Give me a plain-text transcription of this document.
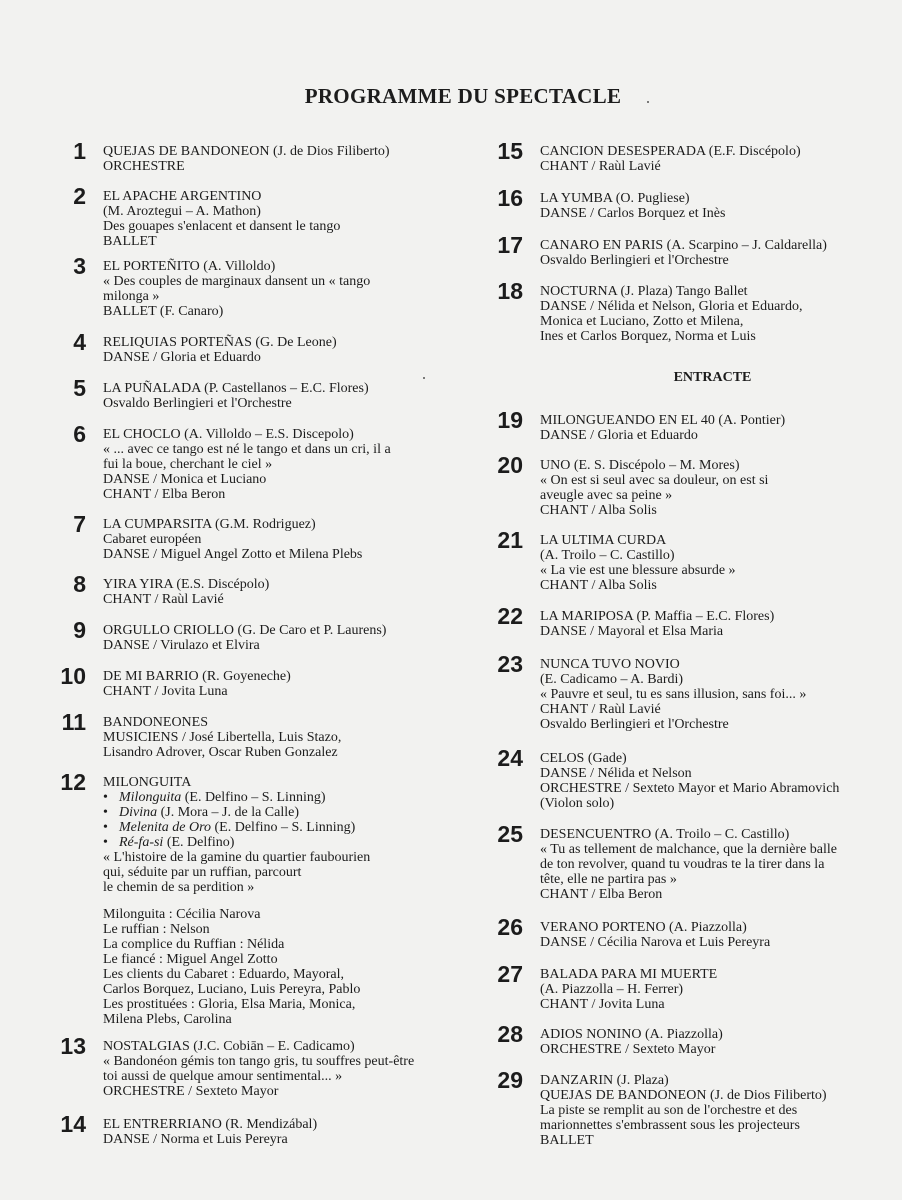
PROGRAMME DU SPECTACLE
1 QUEJAS DE BANDONEON (J. de Dios Filiberto)
ORCHESTRE
2 EL APACHE ARGENTINO
(M. Aroztegui – A. Mathon)
Des gouapes s'enlacent et dansent le tango
BALLET
3 EL PORTEÑITO (A. Villoldo)
« Des couples de marginaux dansent un « tango
milonga »
BALLET (F. Canaro)
4 RELIQUIAS PORTEÑAS (G. De Leone)
DANSE / Gloria et Eduardo
5 LA PUÑALADA (P. Castellanos – E.C. Flores)
Osvaldo Berlingieri et l'Orchestre
6 EL CHOCLO (A. Villoldo – E.S. Discepolo)
« ... avec ce tango est né le tango et dans un cri, il a
fui la boue, cherchant le ciel »
DANSE / Monica et Luciano
CHANT / Elba Beron
7 LA CUMPARSITA (G.M. Rodriguez)
Cabaret européen
DANSE / Miguel Angel Zotto et Milena Plebs
8 YIRA YIRA (E.S. Discépolo)
CHANT / Raùl Lavié
9 ORGULLO CRIOLLO (G. De Caro et P. Laurens)
DANSE / Virulazo et Elvira
10 DE MI BARRIO (R. Goyeneche)
CHANT / Jovita Luna
11 BANDONEONES
MUSICIENS / José Libertella, Luis Stazo,
Lisandro Adrover, Oscar Ruben Gonzalez
12 MILONGUITA
• Milonguita (E. Delfino – S. Linning)
• Divina (J. Mora – J. de la Calle)
• Melenita de Oro (E. Delfino – S. Linning)
• Ré-fa-si (E. Delfino)
« L'histoire de la gamine du quartier faubourien
qui, séduite par un ruffian, parcourt
le chemin de sa perdition »
Milonguita : Cécilia Narova
Le ruffian : Nelson
La complice du Ruffian : Nélida
Le fiancé : Miguel Angel Zotto
Les clients du Cabaret : Eduardo, Mayoral,
Carlos Borquez, Luciano, Luis Pereyra, Pablo
Les prostituées : Gloria, Elsa Maria, Monica,
Milena Plebs, Carolina
13 NOSTALGIAS (J.C. Cobiān – E. Cadicamo)
« Bandonéon gémis ton tango gris, tu souffres peut-être
toi aussi de quelque amour sentimental... »
ORCHESTRE / Sexteto Mayor
14 EL ENTRERRIANO (R. Mendizábal)
DANSE / Norma et Luis Pereyra
ENTRACTE
15 CANCION DESESPERADA (E.F. Discépolo)
CHANT / Raùl Lavié
16 LA YUMBA (O. Pugliese)
DANSE / Carlos Borquez et Inès
17 CANARO EN PARIS (A. Scarpino – J. Caldarella)
Osvaldo Berlingieri et l'Orchestre
18 NOCTURNA (J. Plaza) Tango Ballet
DANSE / Nélida et Nelson, Gloria et Eduardo,
Monica et Luciano, Zotto et Milena,
Ines et Carlos Borquez, Norma et Luis
19 MILONGUEANDO EN EL 40 (A. Pontier)
DANSE / Gloria et Eduardo
20 UNO (E. S. Discépolo – M. Mores)
« On est si seul avec sa douleur, on est si
aveugle avec sa peine »
CHANT / Alba Solis
21 LA ULTIMA CURDA
(A. Troilo – C. Castillo)
« La vie est une blessure absurde »
CHANT / Alba Solis
22 LA MARIPOSA (P. Maffia – E.C. Flores)
DANSE / Mayoral et Elsa Maria
23 NUNCA TUVO NOVIO
(E. Cadicamo – A. Bardi)
« Pauvre et seul, tu es sans illusion, sans foi... »
CHANT / Raùl Lavié
Osvaldo Berlingieri et l'Orchestre
24 CELOS (Gade)
DANSE / Nélida et Nelson
ORCHESTRE / Sexteto Mayor et Mario Abramovich
(Violon solo)
25 DESENCUENTRO (A. Troilo – C. Castillo)
« Tu as tellement de malchance, que la dernière balle
de ton revolver, quand tu voudras te la tirer dans la
tête, elle ne partira pas »
CHANT / Elba Beron
26 VERANO PORTENO (A. Piazzolla)
DANSE / Cécilia Narova et Luis Pereyra
27 BALADA PARA MI MUERTE
(A. Piazzolla – H. Ferrer)
CHANT / Jovita Luna
28 ADIOS NONINO (A. Piazzolla)
ORCHESTRE / Sexteto Mayor
29 DANZARIN (J. Plaza)
QUEJAS DE BANDONEON (J. de Dios Filiberto)
La piste se remplit au son de l'orchestre et des
marionnettes s'embrassent sous les projecteurs
BALLET
